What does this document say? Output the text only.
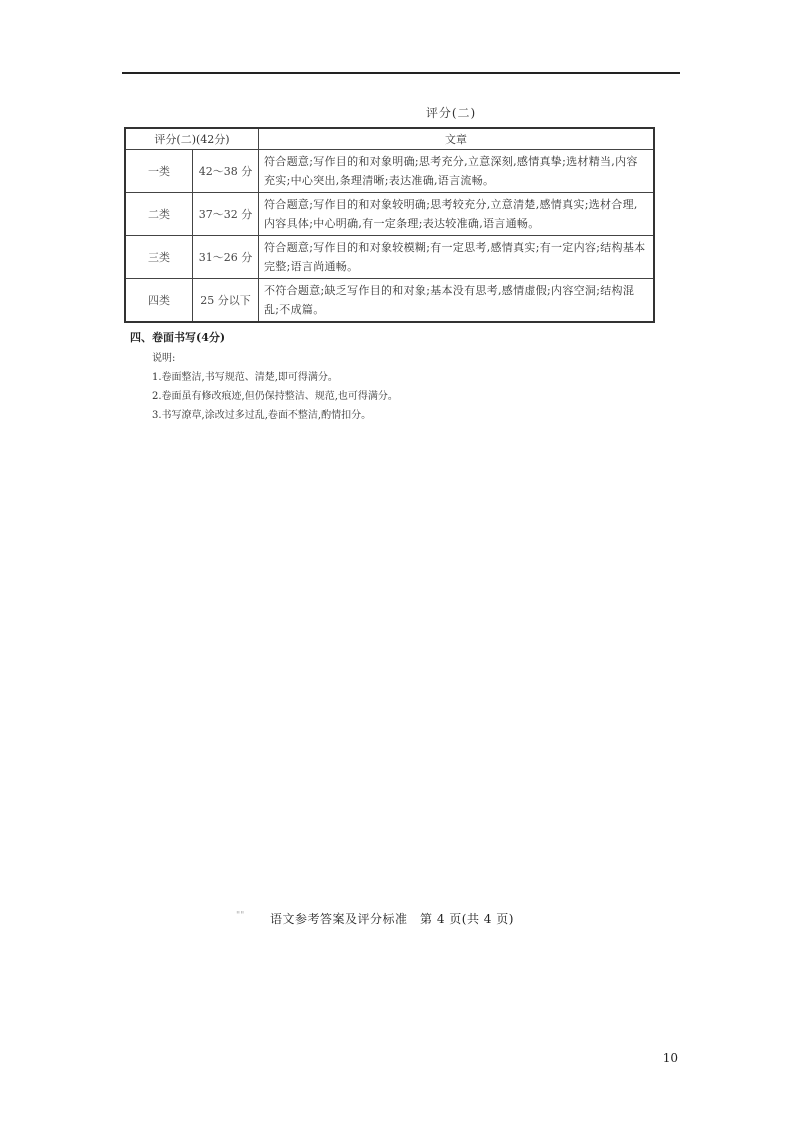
评分(二)
评分(二)(42分)		文章
一类	42～38 分	符合题意;写作目的和对象明确;思考充分,立意深刻,感情真挚;选材精当,内容充实;中心突出,条理清晰;表达准确,语言流畅。
二类	37～32 分	符合题意;写作目的和对象较明确;思考较充分,立意清楚,感情真实;选材合理,内容具体;中心明确,有一定条理;表达较准确,语言通畅。
三类	31～26 分	符合题意;写作目的和对象较模糊;有一定思考,感情真实;有一定内容;结构基本完整;语言尚通畅。
四类	25 分以下	不符合题意;缺乏写作目的和对象;基本没有思考,感情虚假;内容空洞;结构混乱;不成篇。
四、卷面书写(4分)
说明:
1.卷面整洁,书写规范、清楚,即可得满分。
2.卷面虽有修改痕迹,但仍保持整洁、规范,也可得满分。
3.书写潦草,涂改过多过乱,卷面不整洁,酌情扣分。
"" 语文参考答案及评分标准　第 4 页(共 4 页)
10
